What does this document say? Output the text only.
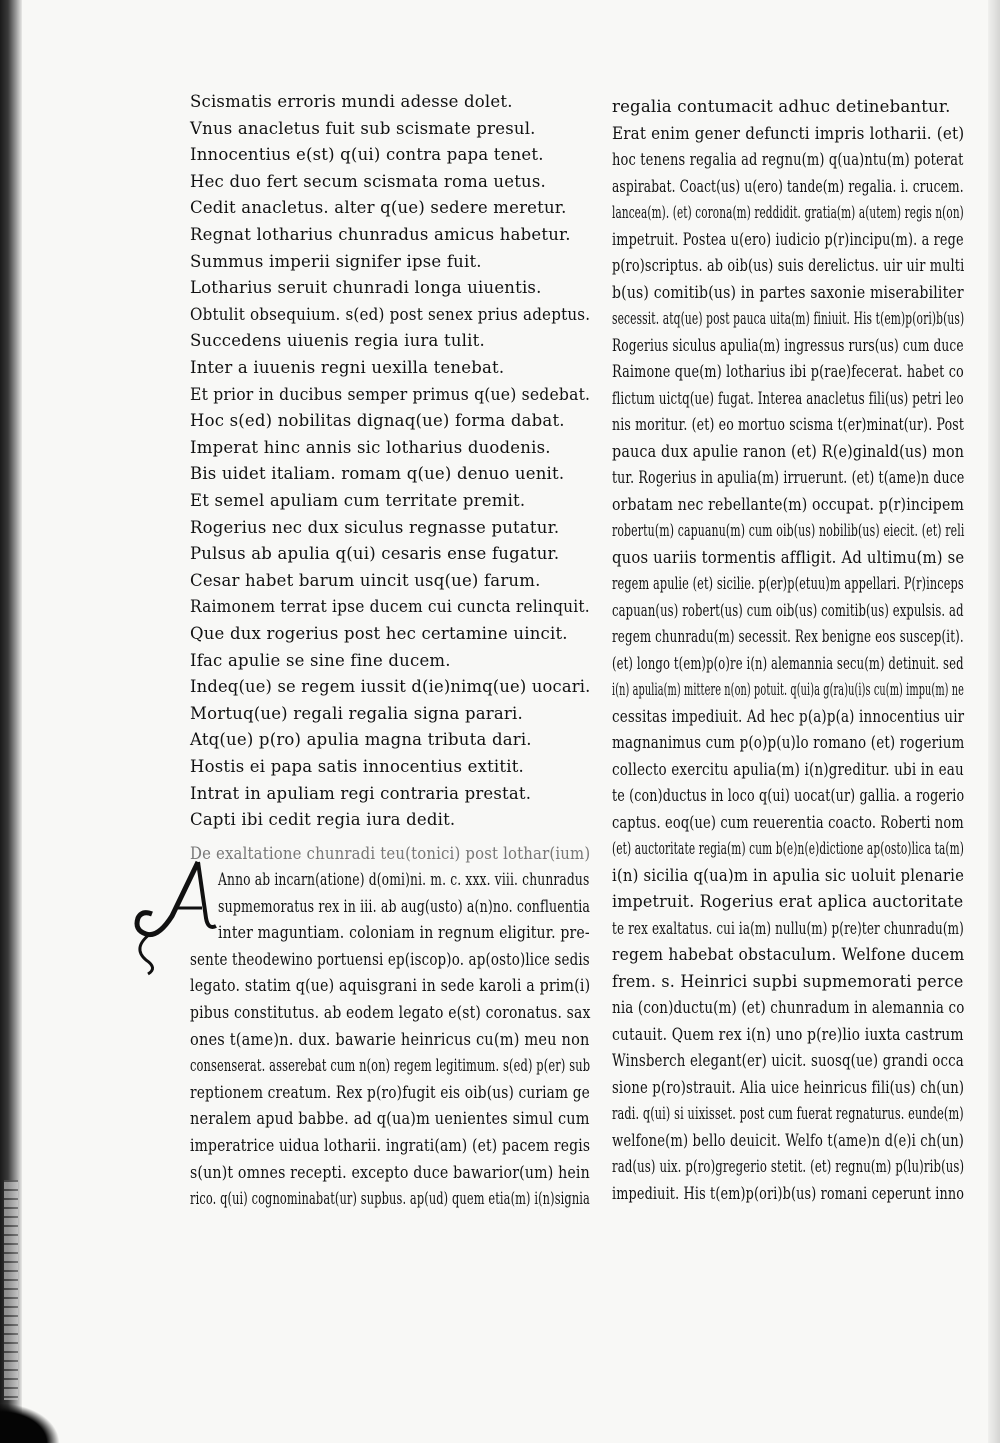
Scismatis erroris mundi adesse dolet.
Vnus anacletus fuit sub scismate presul.
Innocentius e(st) q(ui) contra papa tenet.
Hec duo fert secum scismata roma uetus.
Cedit anacletus. alter q(ue) sedere meretur.
Regnat lotharius chunradus amicus habetur.
Summus imperii signifer ipse fuit.
Lotharius seruit chunradi longa uiuentis.
Obtulit obsequium. s(ed) post senex prius adeptus.
Succedens uiuenis regia iura tulit.
Inter a iuuenis regni uexilla tenebat.
Et prior in ducibus semper primus q(ue) sedebat.
Hoc s(ed) nobilitas dignaq(ue) forma dabat.
Imperat hinc annis sic lotharius duodenis.
Bis uidet italiam. romam q(ue) denuo uenit.
Et semel apuliam cum territate premit.
Rogerius nec dux siculus regnasse putatur.
Pulsus ab apulia q(ui) cesaris ense fugatur.
Cesar habet barum uincit usq(ue) farum.
Raimonem terrat ipse ducem cui cuncta relinquit.
Que dux rogerius post hec certamine uincit.
Ifac apulie se sine fine ducem.
Indeq(ue) se regem iussit d(ie)nimq(ue) uocari.
Mortuq(ue) regali regalia signa parari.
Atq(ue) p(ro) apulia magna tributa dari.
Hostis ei papa satis innocentius extitit.
Intrat in apuliam regi contraria prestat.
Capti ibi cedit regia iura dedit.
De exaltatione chunradi teu(tonici) post lothar(ium)
Anno ab incarn(atione) d(omi)ni. m. c. xxx. viii. chunradus
supmemoratus rex in iii. ab aug(usto) a(n)no. confluentia
inter maguntiam. coloniam in regnum eligitur. pre-
sente theodewino portuensi ep(iscop)o. ap(osto)lice sedis
legato. statim q(ue) aquisgrani in sede karoli a prim(i)
pibus constitutus. ab eodem legato e(st) coronatus. sax
ones t(ame)n. dux. bawarie heinricus cu(m) meu non
consenserat. asserebat cum n(on) regem legitimum. s(ed) p(er) sub
reptionem creatum. Rex p(ro)fugit eis oib(us) curiam ge
neralem apud babbe. ad q(ua)m uenientes simul cum
imperatrice uidua lotharii. ingrati(am) (et) pacem regis
s(un)t omnes recepti. excepto duce bawarior(um) hein
rico. q(ui) cognominabat(ur) supbus. ap(ud) quem etia(m) i(n)signia
regalia contumacit adhuc detinebantur.
Erat enim gener defuncti impris lotharii. (et)
hoc tenens regalia ad regnu(m) q(ua)ntu(m) poterat
aspirabat. Coact(us) u(ero) tande(m) regalia. i. crucem.
lancea(m). (et) corona(m) reddidit. gratia(m) a(utem) regis n(on)
impetruit. Postea u(ero) iudicio p(r)incipu(m). a rege
p(ro)scriptus. ab oib(us) suis derelictus. uir uir multi
b(us) comitib(us) in partes saxonie miserabiliter
secessit. atq(ue) post pauca uita(m) finiuit. His t(em)p(ori)b(us)
Rogerius siculus apulia(m) ingressus rurs(us) cum duce
Raimone que(m) lotharius ibi p(rae)fecerat. habet co
flictum uictq(ue) fugat. Interea anacletus fili(us) petri leo
nis moritur. (et) eo mortuo scisma t(er)minat(ur). Post
pauca dux apulie ranon (et) R(e)ginald(us) mon
tur. Rogerius in apulia(m) irruerunt. (et) t(ame)n duce
orbatam nec rebellante(m) occupat. p(r)incipem
robertu(m) capuanu(m) cum oib(us) nobilib(us) eiecit. (et) reli
quos uariis tormentis affligit. Ad ultimu(m) se
regem apulie (et) sicilie. p(er)p(etuu)m appellari. P(r)inceps
capuan(us) robert(us) cum oib(us) comitib(us) expulsis. ad
regem chunradu(m) secessit. Rex benigne eos suscep(it).
(et) longo t(em)p(o)re i(n) alemannia secu(m) detinuit. sed
i(n) apulia(m) mittere n(on) potuit. q(ui)a g(ra)u(i)s cu(m) impu(m) ne
cessitas impediuit. Ad hec p(a)p(a) innocentius uir
magnanimus cum p(o)p(u)lo romano (et) rogerium
collecto exercitu apulia(m) i(n)greditur. ubi in eau
te (con)ductus in loco q(ui) uocat(ur) gallia. a rogerio
captus. eoq(ue) cum reuerentia coacto. Roberti nom
(et) auctoritate regia(m) cum b(e)n(e)dictione ap(osto)lica ta(m)
i(n) sicilia q(ua)m in apulia sic uoluit plenarie
impetruit. Rogerius erat aplica auctoritate
te rex exaltatus. cui ia(m) nullu(m) p(re)ter chunradu(m)
regem habebat obstaculum. Welfone ducem
frem. s. Heinrici supbi supmemorati perce
nia (con)ductu(m) (et) chunradum in alemannia co
cutauit. Quem rex i(n) uno p(re)lio iuxta castrum
Winsberch elegant(er) uicit. suosq(ue) grandi occa
sione p(ro)strauit. Alia uice heinricus fili(us) ch(un)
radi. q(ui) si uixisset. post cum fuerat regnaturus. eunde(m)
welfone(m) bello deuicit. Welfo t(ame)n d(e)i ch(un)
rad(us) uix. p(ro)gregerio stetit. (et) regnu(m) p(lu)rib(us)
impediuit. His t(em)p(ori)b(us) romani ceperunt inno
